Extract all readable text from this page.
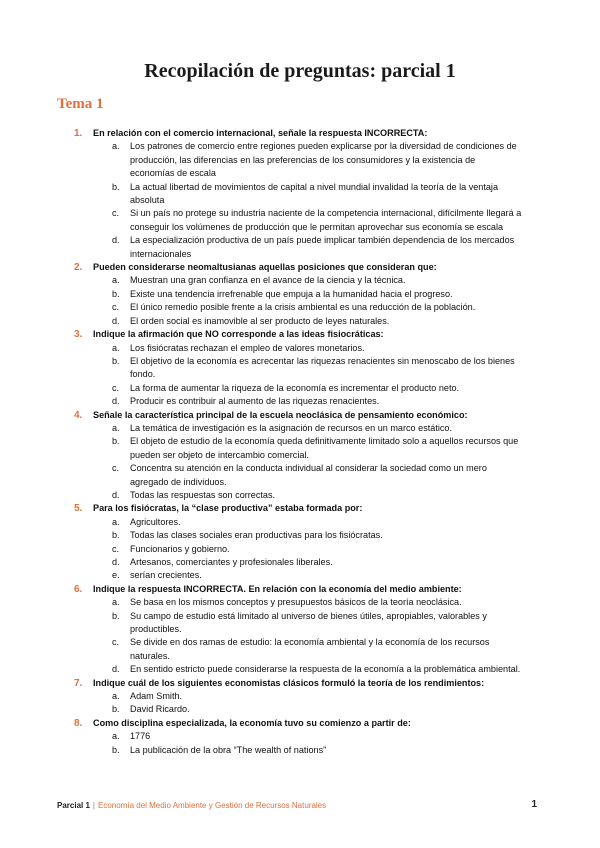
Recopilación de preguntas: parcial 1
Tema 1
1. En relación con el comercio internacional, señale la respuesta INCORRECTA:
a. Los patrones de comercio entre regiones pueden explicarse por la diversidad de condiciones de producción, las diferencias en las preferencias de los consumidores y la existencia de economías de escala
b. La actual libertad de movimientos de capital a nivel mundial invalidad la teoría de la ventaja absoluta
c. Si un país no protege su industria naciente de la competencia internacional, difícilmente llegará a conseguir los volúmenes de producción que le permitan aprovechar sus economía se escala
d. La especialización productiva de un país puede implicar también dependencia de los mercados internacionales
2. Pueden considerarse neomaltusianas aquellas posiciones que consideran que:
a. Muestran una gran confianza en el avance de la ciencia y la técnica.
b. Existe una tendencia irrefrenable que empuja a la humanidad hacia el progreso.
c. El único remedio posible frente a la crisis ambiental es una reducción de la población.
d. El orden social es inamovible al ser producto de leyes naturales.
3. Indique la afirmación que NO corresponde a las ideas fisiocráticas:
a. Los fisiócratas rechazan el empleo de valores monetarios.
b. El objetivo de la economía es acrecentar las riquezas renacientes sin menoscabo de los bienes fondo.
c. La forma de aumentar la riqueza de la economía es incrementar el producto neto.
d. Producir es contribuir al aumento de las riquezas renacientes.
4. Señale la característica principal de la escuela neoclásica de pensamiento económico:
a. La temática de investigación es la asignación de recursos en un marco estático.
b. El objeto de estudio de la economía queda definitivamente limitado solo a aquellos recursos que pueden ser objeto de intercambio comercial.
c. Concentra su atención en la conducta individual al considerar la sociedad como un mero agregado de individuos.
d. Todas las respuestas son correctas.
5. Para los fisiócratas, la “clase productiva” estaba formada por:
a. Agricultores.
b. Todas las clases sociales eran productivas para los fisiócratas.
c. Funcionarios y gobierno.
d. Artesanos, comerciantes y profesionales liberales.
e. serían crecientes.
6. Indique la respuesta INCORRECTA. En relación con la economía del medio ambiente:
a. Se basa en los mismos conceptos y presupuestos básicos de la teoría neoclásica.
b. Su campo de estudio está limitado al universo de bienes útiles, apropiables, valorables y productibles.
c. Se divide en dos ramas de estudio: la economía ambiental y la economía de los recursos naturales.
d. En sentido estricto puede considerarse la respuesta de la economía a la problemática ambiental.
7. Indique cuál de los siguientes economistas clásicos formuló la teoría de los rendimientos:
a. Adam Smith.
b. David Ricardo.
8. Como disciplina especializada, la economía tuvo su comienzo a partir de:
a. 1776
b. La publicación de la obra “The wealth of nations”
Parcial 1 | Economía del Medio Ambiente y Gestión de Recursos Naturales	1
